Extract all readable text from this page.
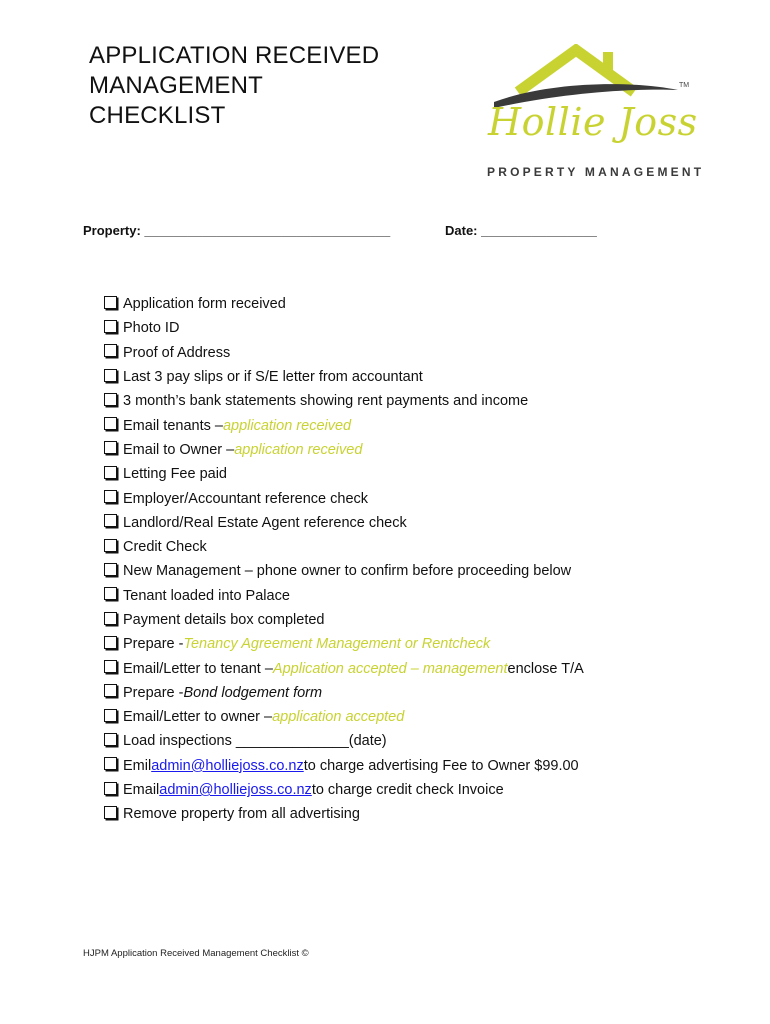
APPLICATION RECEIVED
MANAGEMENT
CHECKLIST	Hollie Joss
TM
PROPERTY MANAGEMENT
Property: __________________________________	Date: ________________
Application form received
Photo ID
Proof of Address
Last 3 pay slips or if S/E letter from accountant
3 month’s bank statements showing rent payments and income
Email tenants – application received
Email to Owner – application received
Letting Fee paid
Employer/Accountant reference check
Landlord/Real Estate Agent reference check
Credit Check
New Management – phone owner to confirm before proceeding below
Tenant loaded into Palace
Payment details box completed
Prepare - Tenancy Agreement Management or Rentcheck
Email/Letter to tenant – Application accepted – management enclose T/A
Prepare - Bond lodgement form
Email/Letter to owner – application accepted
Load inspections ______________(date)
Emil admin@holliejoss.co.nz to charge advertising Fee to Owner $99.00
Email admin@holliejoss.co.nz to charge credit check Invoice
Remove property from all advertising
HJPM Application Received Management Checklist ©
